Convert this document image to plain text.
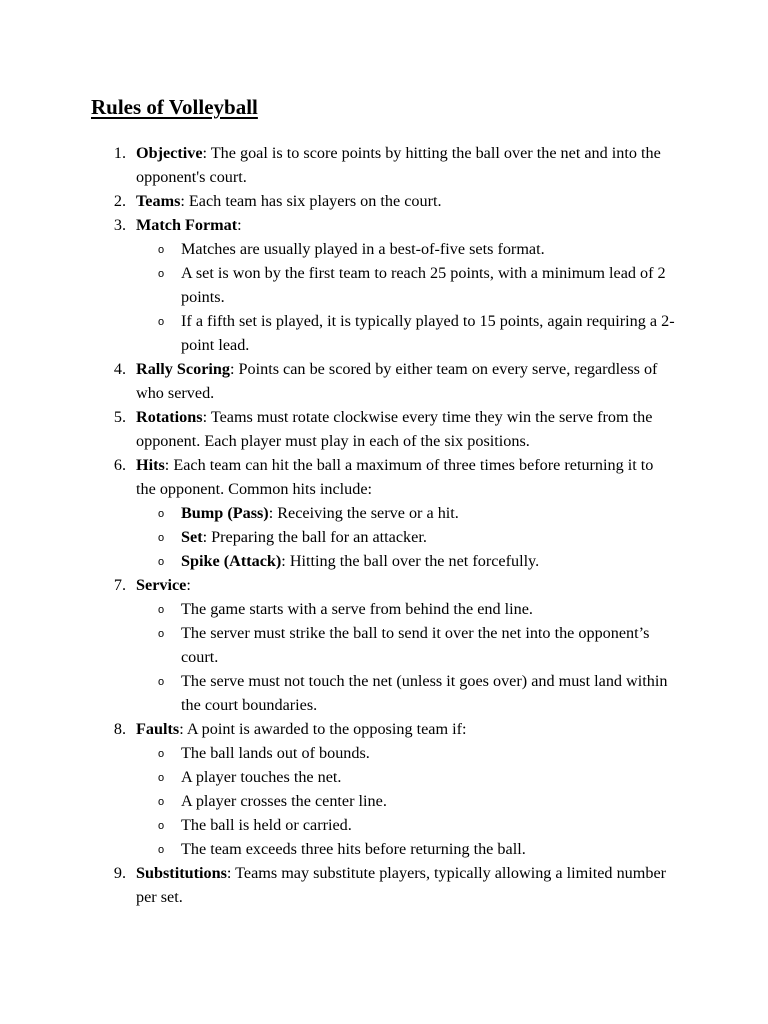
Rules of Volleyball
1. Objective: The goal is to score points by hitting the ball over the net and into the opponent's court.
2. Teams: Each team has six players on the court.
3. Match Format:
o Matches are usually played in a best-of-five sets format.
o A set is won by the first team to reach 25 points, with a minimum lead of 2 points.
o If a fifth set is played, it is typically played to 15 points, again requiring a 2-point lead.
4. Rally Scoring: Points can be scored by either team on every serve, regardless of who served.
5. Rotations: Teams must rotate clockwise every time they win the serve from the opponent. Each player must play in each of the six positions.
6. Hits: Each team can hit the ball a maximum of three times before returning it to the opponent. Common hits include:
o Bump (Pass): Receiving the serve or a hit.
o Set: Preparing the ball for an attacker.
o Spike (Attack): Hitting the ball over the net forcefully.
7. Service:
o The game starts with a serve from behind the end line.
o The server must strike the ball to send it over the net into the opponent’s court.
o The serve must not touch the net (unless it goes over) and must land within the court boundaries.
8. Faults: A point is awarded to the opposing team if:
o The ball lands out of bounds.
o A player touches the net.
o A player crosses the center line.
o The ball is held or carried.
o The team exceeds three hits before returning the ball.
9. Substitutions: Teams may substitute players, typically allowing a limited number per set.
